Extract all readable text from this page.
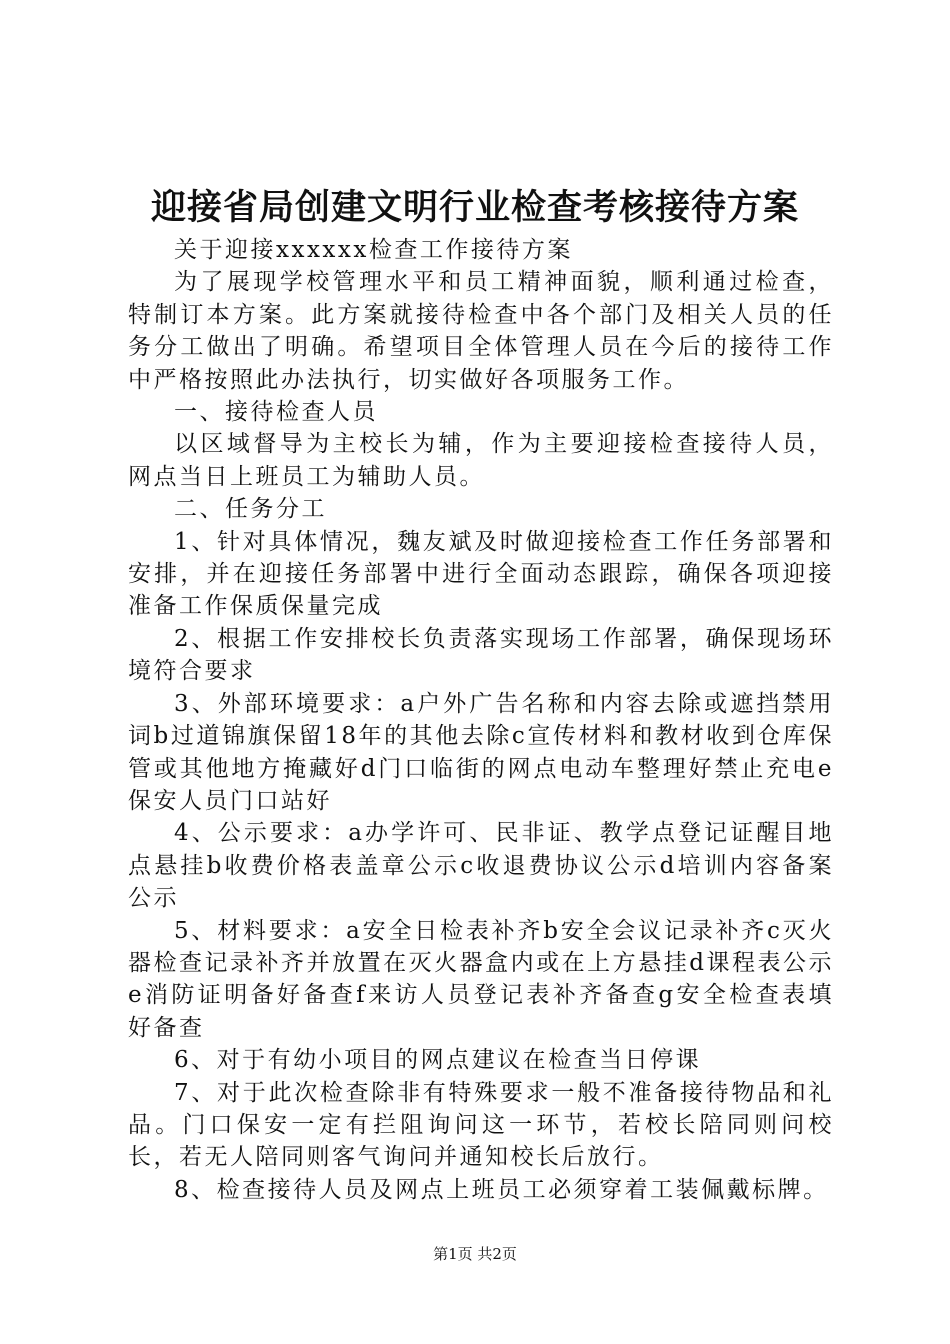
迎接省局创建文明行业检查考核接待方案

关于迎接xxxxxx检查工作接待方案

为了展现学校管理水平和员工精神面貌，顺利通过检查，特制订本方案。此方案就接待检查中各个部门及相关人员的任务分工做出了明确。希望项目全体管理人员在今后的接待工作中严格按照此办法执行，切实做好各项服务工作。

一、接待检查人员

以区域督导为主校长为辅，作为主要迎接检查接待人员，网点当日上班员工为辅助人员。

二、任务分工

1、针对具体情况，魏友斌及时做迎接检查工作任务部署和安排，并在迎接任务部署中进行全面动态跟踪，确保各项迎接准备工作保质保量完成

2、根据工作安排校长负责落实现场工作部署，确保现场环境符合要求

3、外部环境要求：a户外广告名称和内容去除或遮挡禁用词b过道锦旗保留18年的其他去除c宣传材料和教材收到仓库保管或其他地方掩藏好d门口临街的网点电动车整理好禁止充电e保安人员门口站好

4、公示要求：a办学许可、民非证、教学点登记证醒目地点悬挂b收费价格表盖章公示c收退费协议公示d培训内容备案公示

5、材料要求：a安全日检表补齐b安全会议记录补齐c灭火器检查记录补齐并放置在灭火器盒内或在上方悬挂d课程表公示e消防证明备好备查f来访人员登记表补齐备查g安全检查表填好备查

6、对于有幼小项目的网点建议在检查当日停课

7、对于此次检查除非有特殊要求一般不准备接待物品和礼品。门口保安一定有拦阻询问这一环节，若校长陪同则问校长，若无人陪同则客气询问并通知校长后放行。

8、检查接待人员及网点上班员工必须穿着工装佩戴标牌。

第1页 共2页
